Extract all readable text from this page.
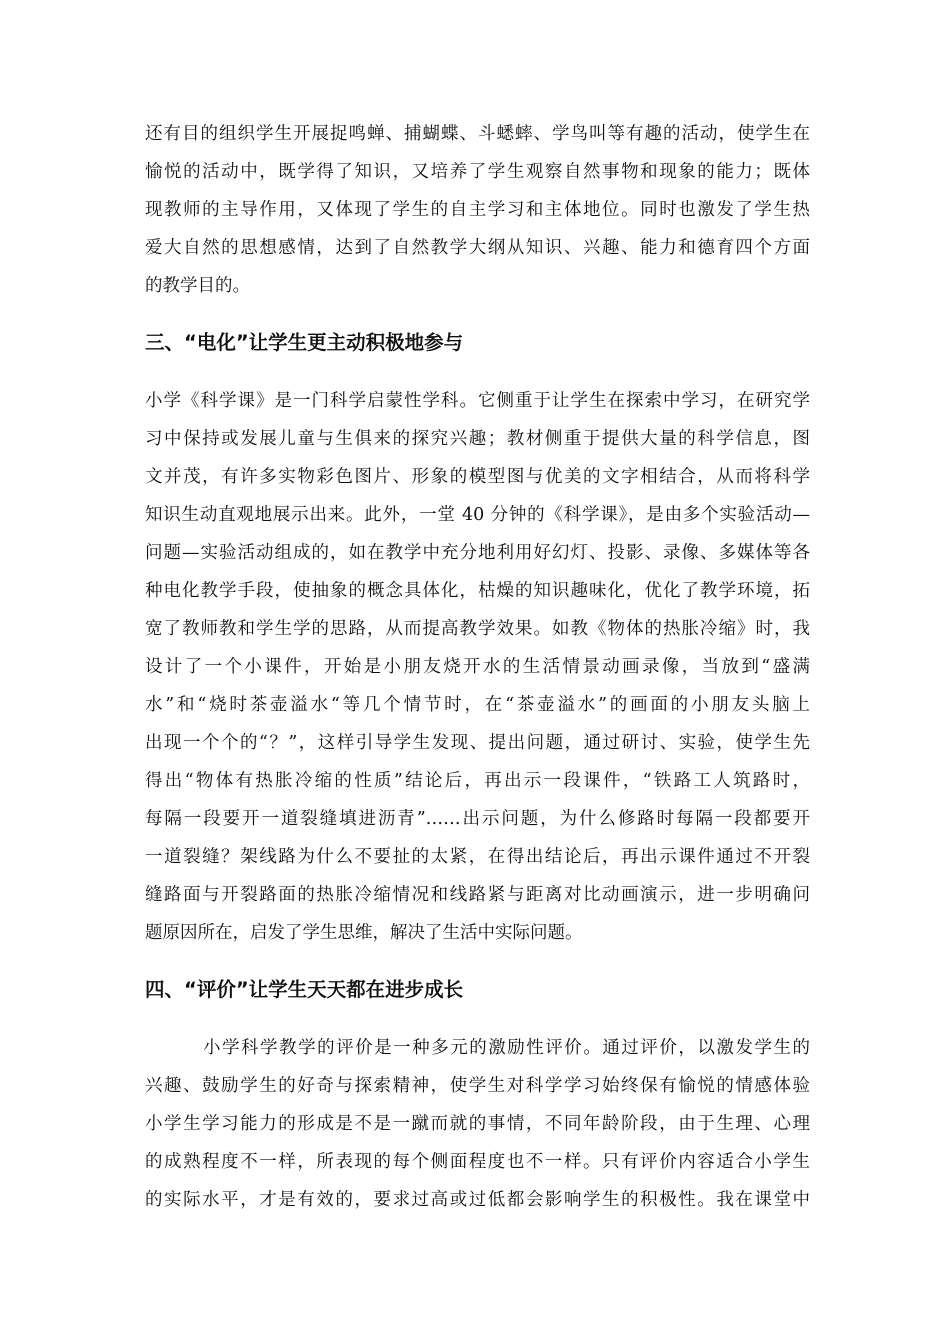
还有目的组织学生开展捉鸣蝉、捕蝴蝶、斗蟋蟀、学鸟叫等有趣的活动，使学生在
愉悦的活动中，既学得了知识，又培养了学生观察自然事物和现象的能力；既体
现教师的主导作用，又体现了学生的自主学习和主体地位。同时也激发了学生热
爱大自然的思想感情，达到了自然教学大纲从知识、兴趣、能力和德育四个方面
的教学目的。
三、“电化”让学生更主动积极地参与
小学《科学课》是一门科学启蒙性学科。它侧重于让学生在探索中学习，在研究学
习中保持或发展儿童与生俱来的探究兴趣；教材侧重于提供大量的科学信息，图
文并茂，有许多实物彩色图片、形象的模型图与优美的文字相结合，从而将科学
知识生动直观地展示出来。此外，一堂 40 分钟的《科学课》，是由多个实验活动—
问题—实验活动组成的，如在教学中充分地利用好幻灯、投影、录像、多媒体等各
种电化教学手段，使抽象的概念具体化，枯燥的知识趣味化，优化了教学环境，拓
宽了教师教和学生学的思路，从而提高教学效果。如教《物体的热胀冷缩》时，我
设计了一个小课件，开始是小朋友烧开水的生活情景动画录像，当放到“盛满
水”和“烧时茶壶溢水“等几个情节时，在“茶壶溢水”的画面的小朋友头脑上
出现一个个的“？”，这样引导学生发现、提出问题，通过研讨、实验，使学生先
得出“物体有热胀冷缩的性质”结论后，再出示一段课件，“铁路工人筑路时，
每隔一段要开一道裂缝填进沥青”……出示问题，为什么修路时每隔一段都要开
一道裂缝？架线路为什么不要扯的太紧，在得出结论后，再出示课件通过不开裂
缝路面与开裂路面的热胀冷缩情况和线路紧与距离对比动画演示，进一步明确问
题原因所在，启发了学生思维，解决了生活中实际问题。
四、“评价”让学生天天都在进步成长
小学科学教学的评价是一种多元的激励性评价。通过评价，以激发学生的
兴趣、鼓励学生的好奇与探索精神，使学生对科学学习始终保有愉悦的情感体验
小学生学习能力的形成是不是一蹴而就的事情，不同年龄阶段，由于生理、心理
的成熟程度不一样，所表现的每个侧面程度也不一样。只有评价内容适合小学生
的实际水平，才是有效的，要求过高或过低都会影响学生的积极性。我在课堂中
